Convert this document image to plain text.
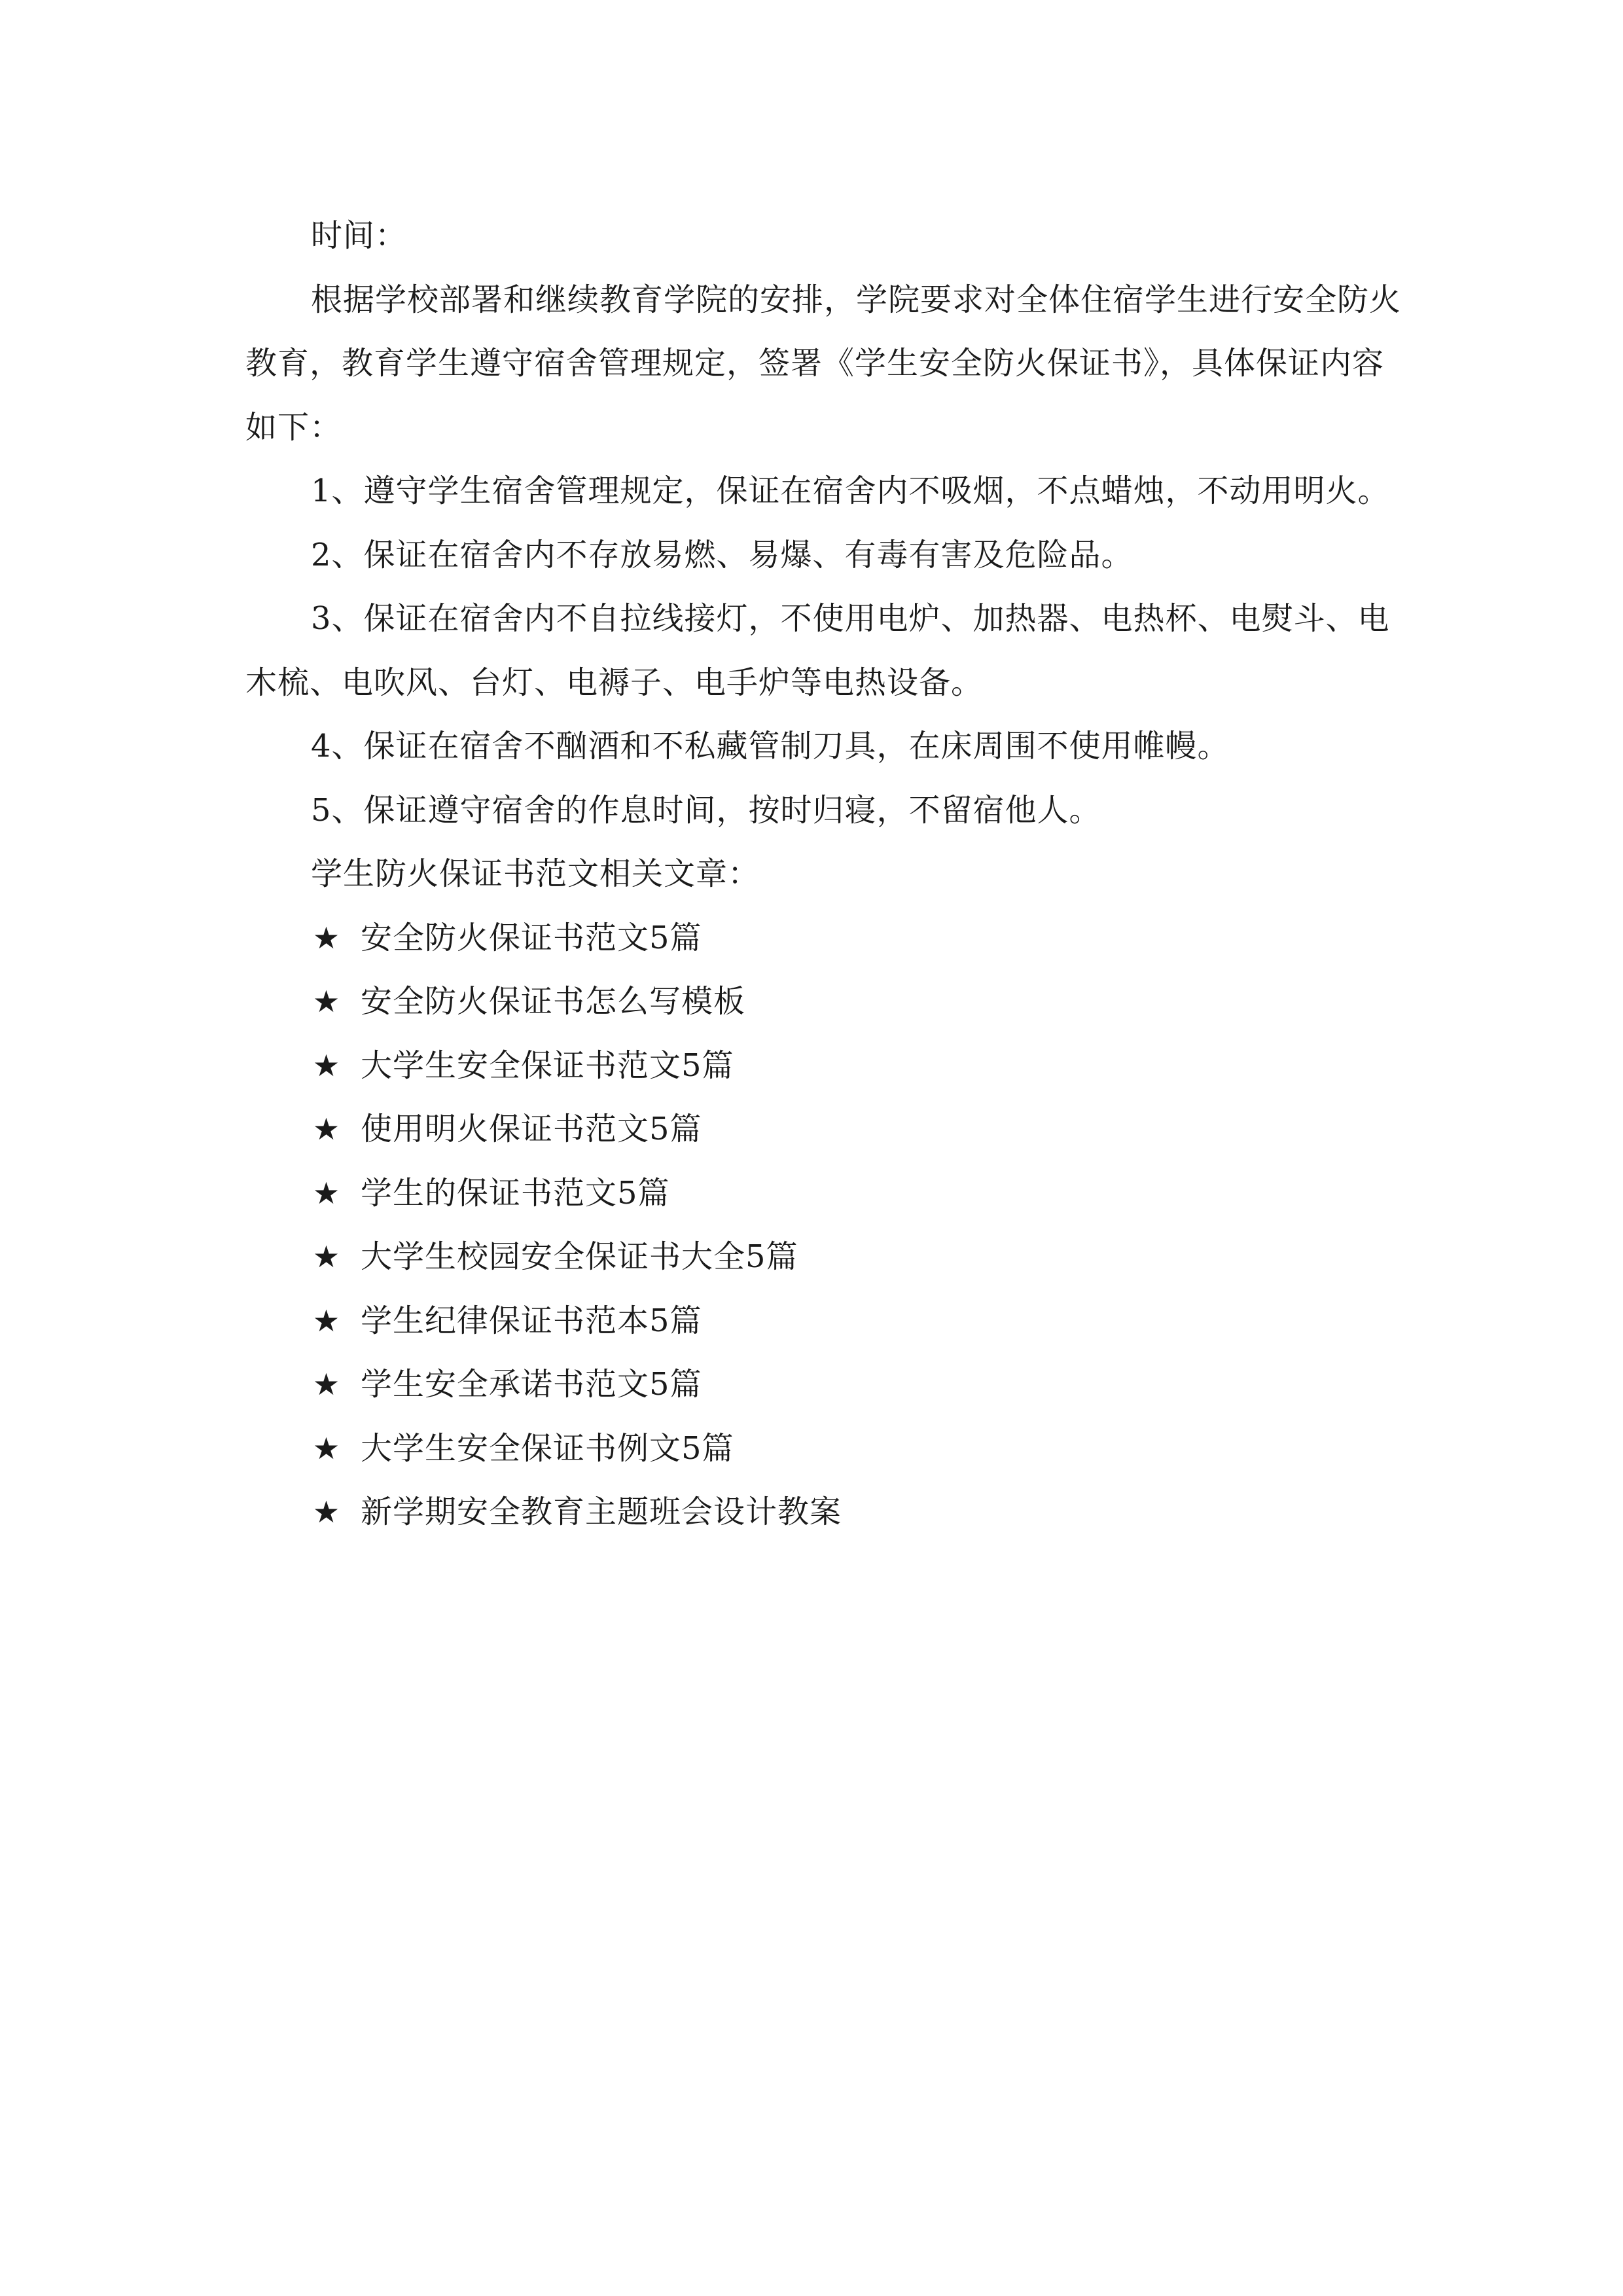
时间：

根据学校部署和继续教育学院的安排，学院要求对全体住宿学生进行安全防火教育，教育学生遵守宿舍管理规定，签署《学生安全防火保证书》，具体保证内容如下：

1、遵守学生宿舍管理规定，保证在宿舍内不吸烟，不点蜡烛，不动用明火。

2、保证在宿舍内不存放易燃、易爆、有毒有害及危险品。

3、保证在宿舍内不自拉线接灯，不使用电炉、加热器、电热杯、电熨斗、电木梳、电吹风、台灯、电褥子、电手炉等电热设备。

4、保证在宿舍不酗酒和不私藏管制刀具，在床周围不使用帷幔。

5、保证遵守宿舍的作息时间，按时归寝，不留宿他人。

学生防火保证书范文相关文章：

★ 安全防火保证书范文5篇
★ 安全防火保证书怎么写模板
★ 大学生安全保证书范文5篇
★ 使用明火保证书范文5篇
★ 学生的保证书范文5篇
★ 大学生校园安全保证书大全5篇
★ 学生纪律保证书范本5篇
★ 学生安全承诺书范文5篇
★ 大学生安全保证书例文5篇
★ 新学期安全教育主题班会设计教案
